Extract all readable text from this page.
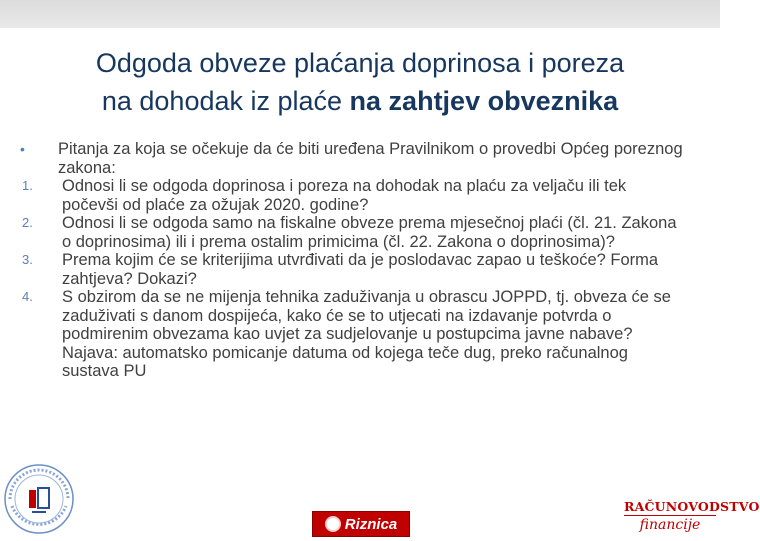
Odgoda obveze plaćanja doprinosa i poreza
na dohodak iz plaće na zahtjev obveznika
•	Pitanja za koja se očekuje da će biti uređena Pravilnikom o provedbi Općeg poreznog zakona:
1.	Odnosi li se odgoda doprinosa i poreza na dohodak na plaću za veljaču ili tek počevši od plaće za ožujak 2020. godine?
2.	Odnosi li se odgoda samo na fiskalne obveze prema mjesečnoj plaći (čl. 21. Zakona o doprinosima) ili i prema ostalim primicima (čl. 22. Zakona o doprinosima)?
3.	Prema kojim će se kriterijima utvrđivati da je poslodavac zapao u teškoće? Forma zahtjeva? Dokazi?
4.	S obzirom da se ne mijenja tehnika zaduživanja u obrascu JOPPD, tj. obveza će se zaduživati s danom dospijeća, kako će se to utjecati na izdavanje potvrda o podmirenim obvezama kao uvjet za sudjelovanje u postupcima javne nabave? Najava: automatsko pomicanje datuma od kojega teče dug, preko računalnog sustava PU
Riznica
RAČUNOVODSTVO
financije
